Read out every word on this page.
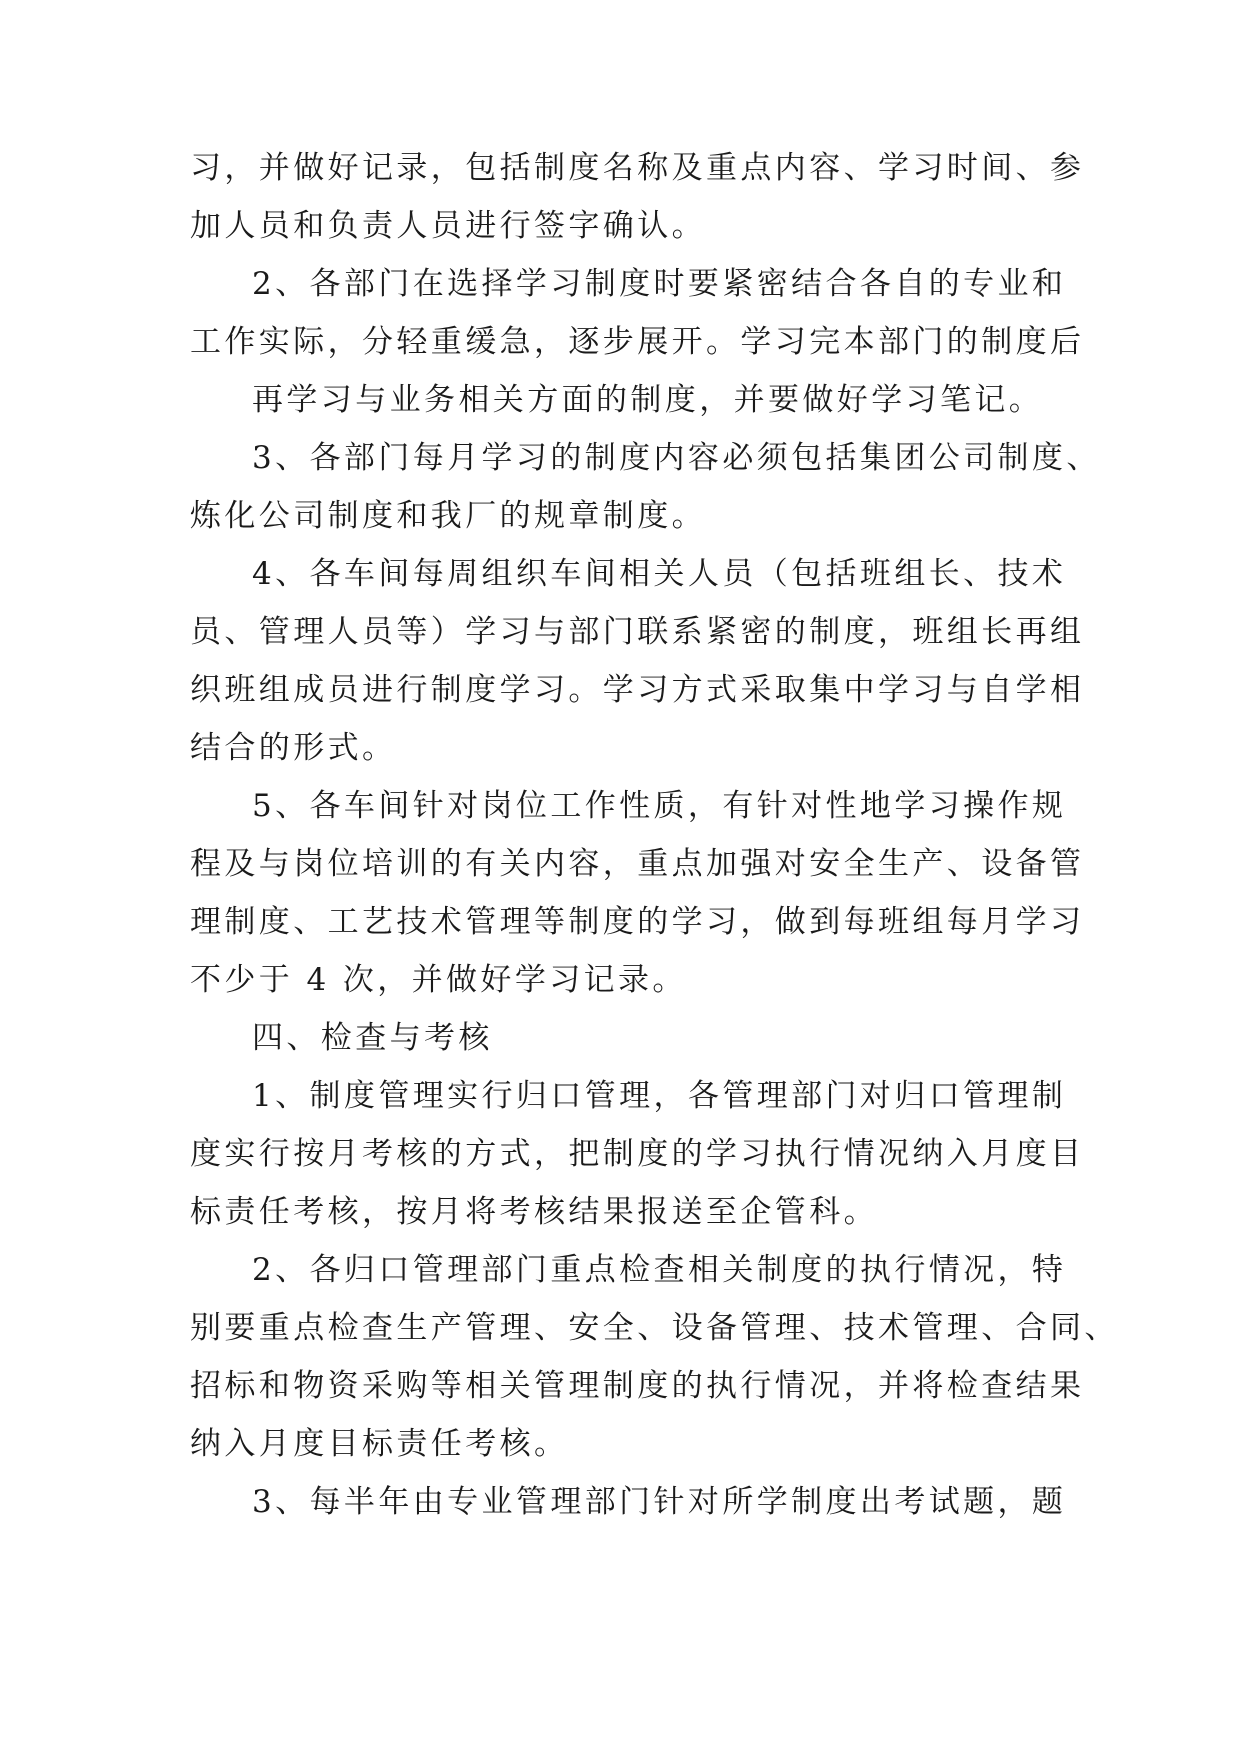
习，并做好记录，包括制度名称及重点内容、学习时间、参
加人员和负责人员进行签字确认。
2、各部门在选择学习制度时要紧密结合各自的专业和
工作实际，分轻重缓急，逐步展开。学习完本部门的制度后
再学习与业务相关方面的制度，并要做好学习笔记。
3、各部门每月学习的制度内容必须包括集团公司制度、
炼化公司制度和我厂的规章制度。
4、各车间每周组织车间相关人员（包括班组长、技术
员、管理人员等）学习与部门联系紧密的制度，班组长再组
织班组成员进行制度学习。学习方式采取集中学习与自学相
结合的形式。
5、各车间针对岗位工作性质，有针对性地学习操作规
程及与岗位培训的有关内容，重点加强对安全生产、设备管
理制度、工艺技术管理等制度的学习，做到每班组每月学习
不少于 4 次，并做好学习记录。
四、检查与考核
1、制度管理实行归口管理，各管理部门对归口管理制
度实行按月考核的方式，把制度的学习执行情况纳入月度目
标责任考核，按月将考核结果报送至企管科。
2、各归口管理部门重点检查相关制度的执行情况，特
别要重点检查生产管理、安全、设备管理、技术管理、合同、
招标和物资采购等相关管理制度的执行情况，并将检查结果
纳入月度目标责任考核。
3、每半年由专业管理部门针对所学制度出考试题，题
